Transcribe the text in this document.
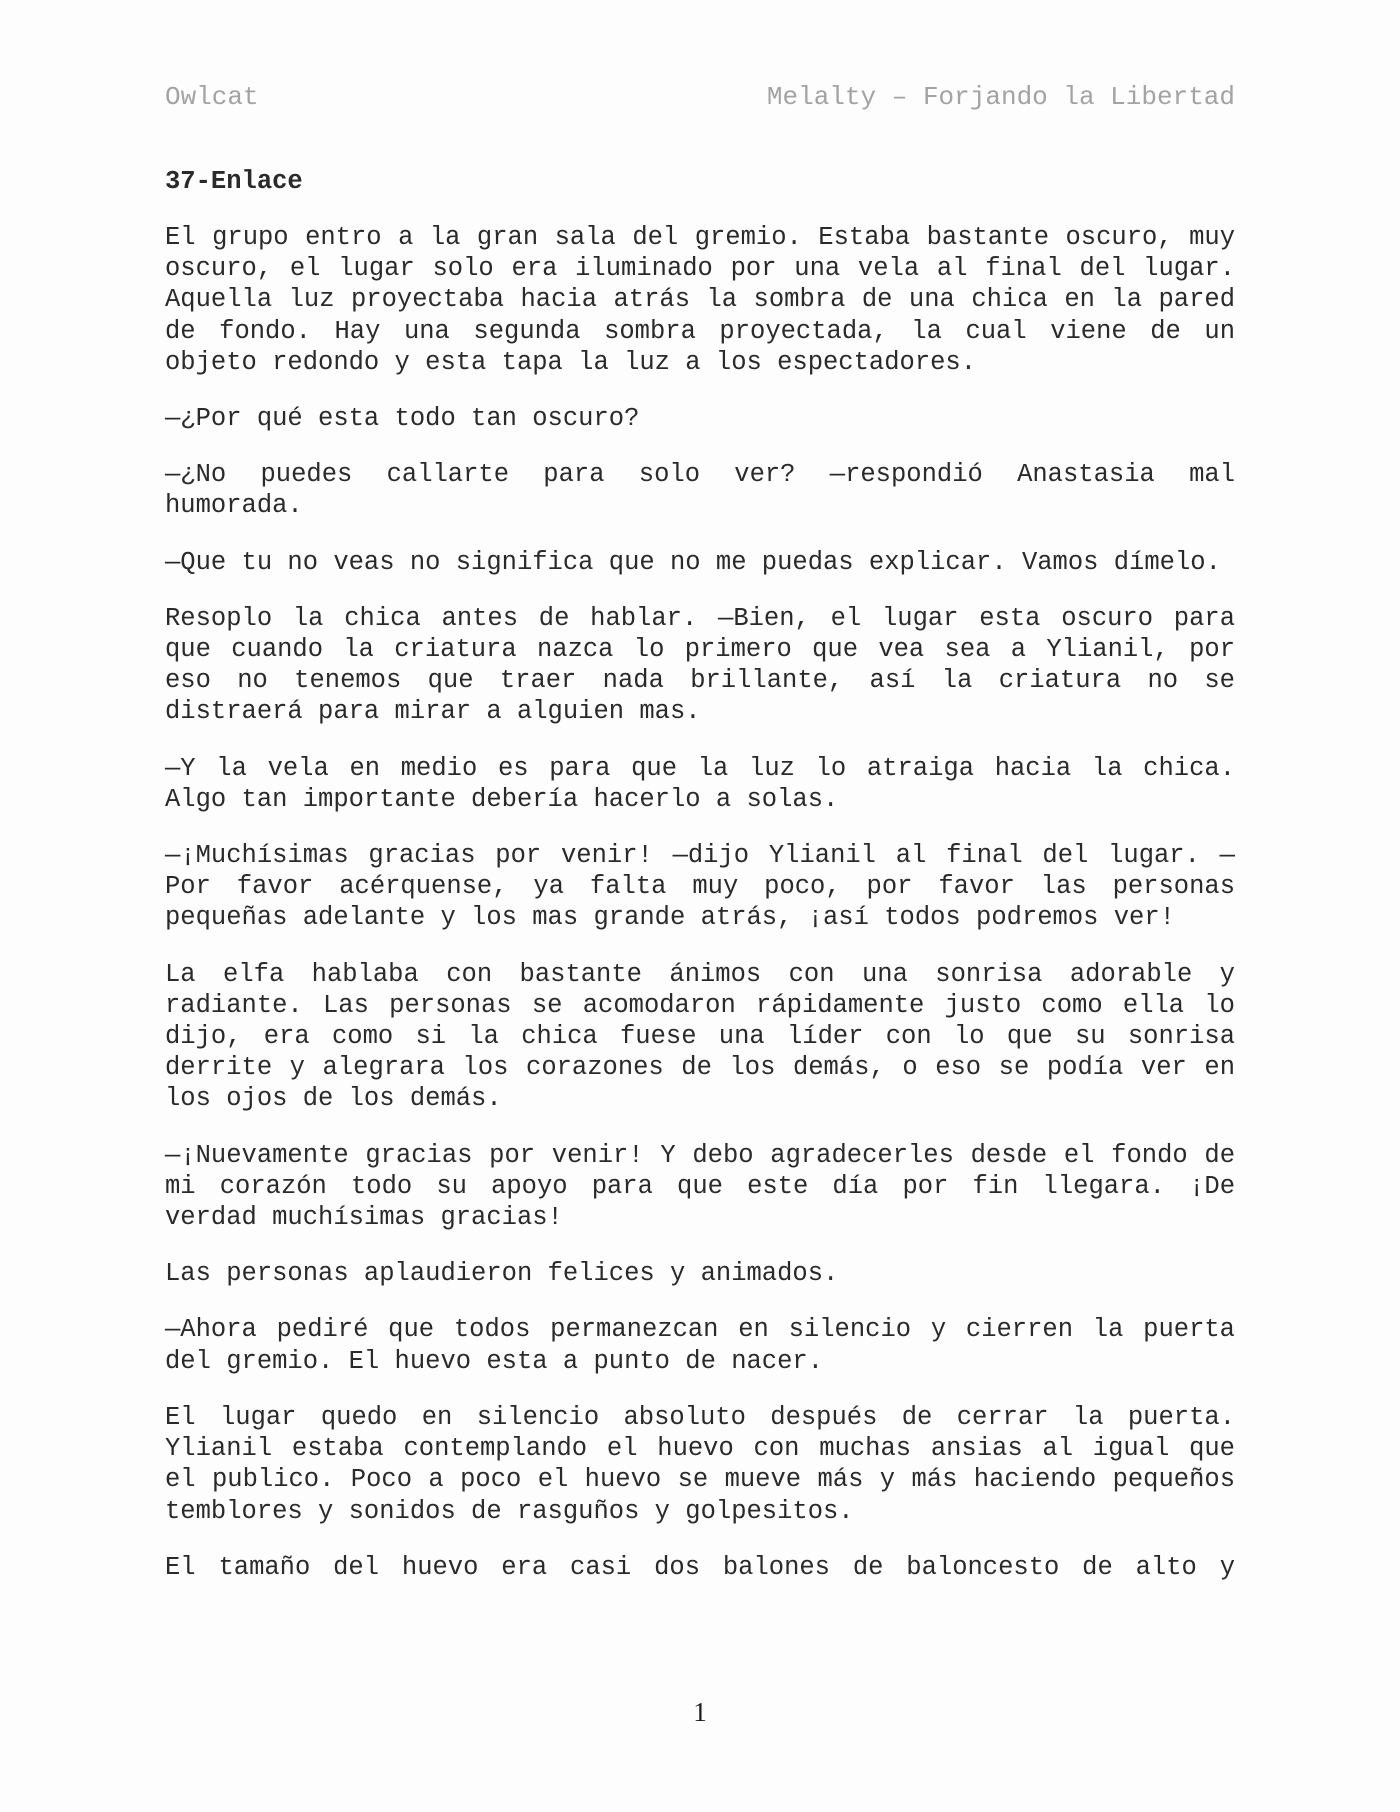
Owlcat	Melalty – Forjando la Libertad
37-Enlace

El grupo entro a la gran sala del gremio. Estaba bastante oscuro, muy oscuro, el lugar solo era iluminado por una vela al final del lugar. Aquella luz proyectaba hacia atrás la sombra de una chica en la pared de fondo. Hay una segunda sombra proyectada, la cual viene de un objeto redondo y esta tapa la luz a los espectadores.

—¿Por qué esta todo tan oscuro?

—¿No puedes callarte para solo ver? —respondió Anastasia mal humorada.

—Que tu no veas no significa que no me puedas explicar. Vamos dímelo.

Resoplo la chica antes de hablar. —Bien, el lugar esta oscuro para que cuando la criatura nazca lo primero que vea sea a Ylianil, por eso no tenemos que traer nada brillante, así la criatura no se distraerá para mirar a alguien mas.

—Y la vela en medio es para que la luz lo atraiga hacia la chica. Algo tan importante debería hacerlo a solas.

—¡Muchísimas gracias por venir! —dijo Ylianil al final del lugar. —Por favor acérquense, ya falta muy poco, por favor las personas pequeñas adelante y los mas grande atrás, ¡así todos podremos ver!

La elfa hablaba con bastante ánimos con una sonrisa adorable y radiante. Las personas se acomodaron rápidamente justo como ella lo dijo, era como si la chica fuese una líder con lo que su sonrisa derrite y alegrara los corazones de los demás, o eso se podía ver en los ojos de los demás.

—¡Nuevamente gracias por venir! Y debo agradecerles desde el fondo de mi corazón todo su apoyo para que este día por fin llegara. ¡De verdad muchísimas gracias!

Las personas aplaudieron felices y animados.

—Ahora pediré que todos permanezcan en silencio y cierren la puerta del gremio. El huevo esta a punto de nacer.

El lugar quedo en silencio absoluto después de cerrar la puerta. Ylianil estaba contemplando el huevo con muchas ansias al igual que el publico. Poco a poco el huevo se mueve más y más haciendo pequeños temblores y sonidos de rasguños y golpesitos.

El tamaño del huevo era casi dos balones de baloncesto de alto y

1
